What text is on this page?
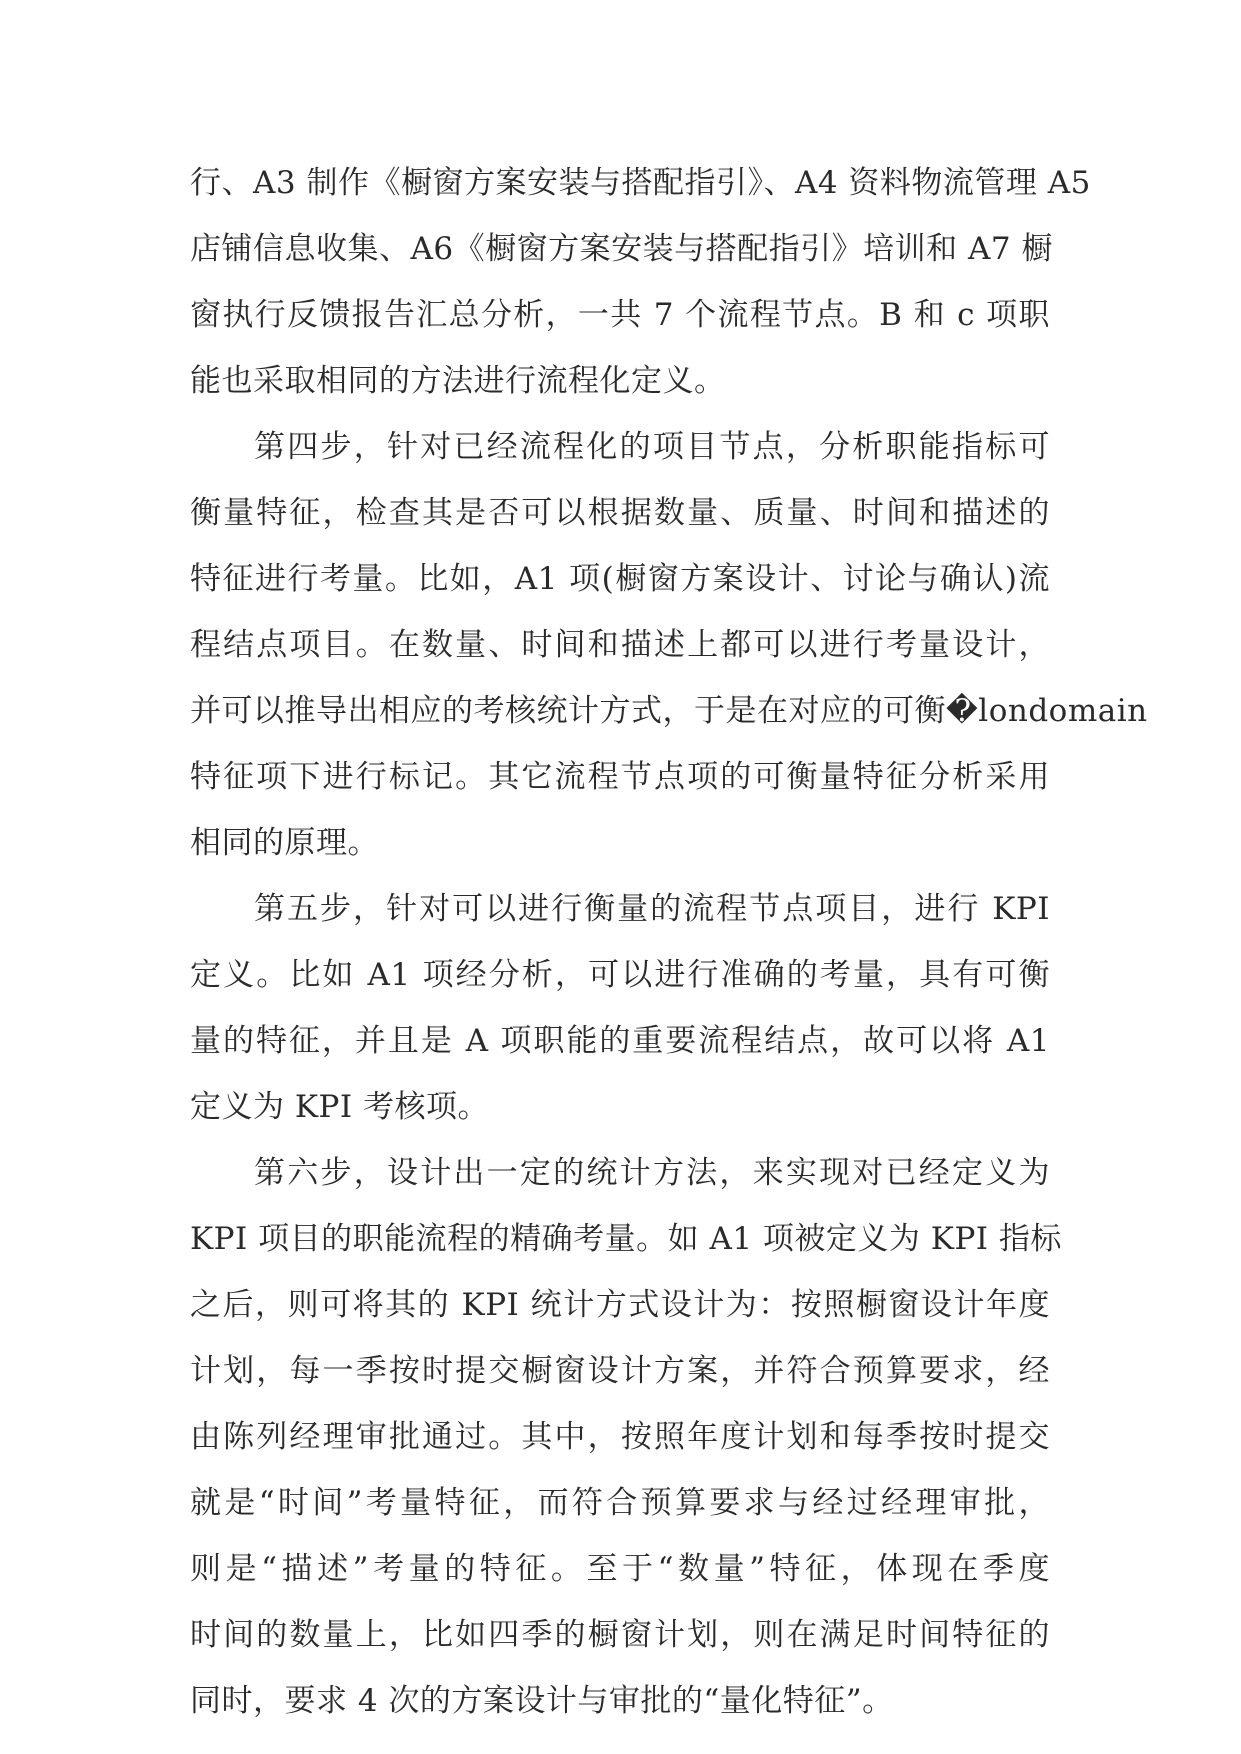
行、A3 制作《橱窗方案安装与搭配指引》、A4 资料物流管理 A5
店铺信息收集、A6《橱窗方案安装与搭配指引》培训和 A7 橱
窗执行反馈报告汇总分析，一共 7 个流程节点。B 和 c 项职
能也采取相同的方法进行流程化定义。
第四步，针对已经流程化的项目节点，分析职能指标可
衡量特征，检查其是否可以根据数量、质量、时间和描述的
特征进行考量。比如，A1 项(橱窗方案设计、讨论与确认)流
程结点项目。在数量、时间和描述上都可以进行考量设计，
并可以推导出相应的考核统计方式，于是在对应的可衡�londomain
特征项下进行标记。其它流程节点项的可衡量特征分析采用
相同的原理。
第五步，针对可以进行衡量的流程节点项目，进行 KPI
定义。比如 A1 项经分析，可以进行准确的考量，具有可衡
量的特征，并且是 A 项职能的重要流程结点，故可以将 A1
定义为 KPI 考核项。
第六步，设计出一定的统计方法，来实现对已经定义为
KPI 项目的职能流程的精确考量。如 A1 项被定义为 KPI 指标
之后，则可将其的 KPI 统计方式设计为：按照橱窗设计年度
计划，每一季按时提交橱窗设计方案，并符合预算要求，经
由陈列经理审批通过。其中，按照年度计划和每季按时提交
就是“时间”考量特征，而符合预算要求与经过经理审批，
则是“描述”考量的特征。至于“数量”特征，体现在季度
时间的数量上，比如四季的橱窗计划，则在满足时间特征的
同时，要求 4 次的方案设计与审批的“量化特征”。
